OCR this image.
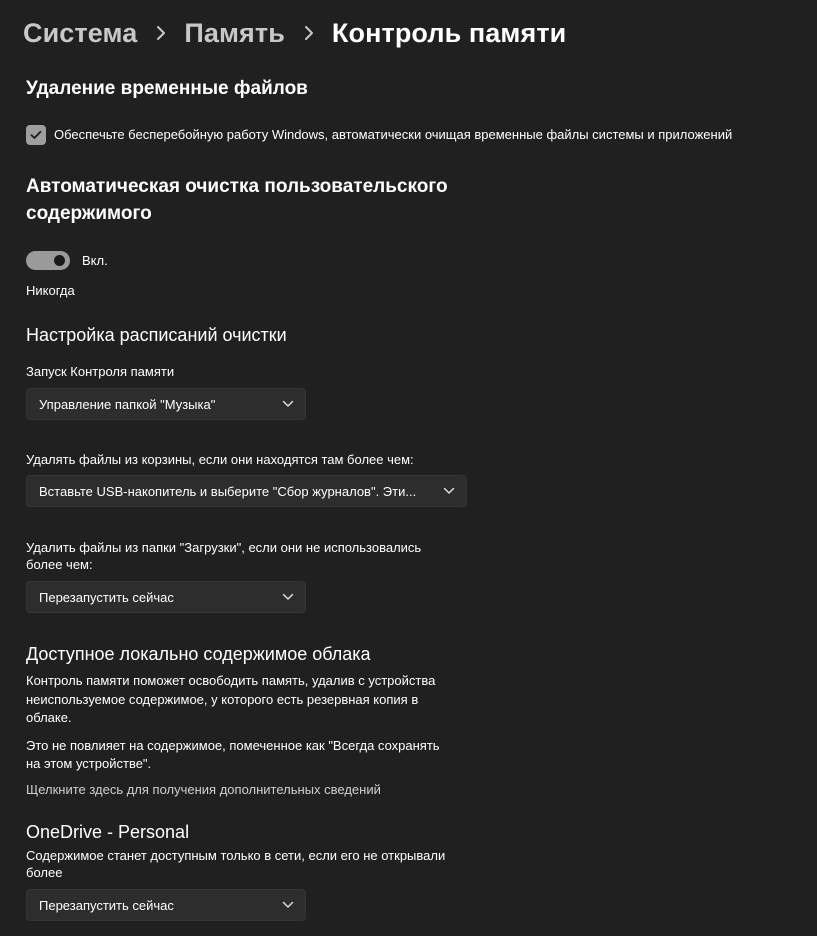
Система Память Контроль памяти
Удаление временные файлов
Обеспечьте бесперебойную работу Windows, автоматически очищая временные файлы системы и приложений
Автоматическая очистка пользовательского
содержимого
Вкл.
Никогда
Настройка расписаний очистки
Запуск Контроля памяти
Управление папкой "Музыка"
Удалять файлы из корзины, если они находятся там более чем:
Вставьте USB-накопитель и выберите "Сбор журналов". Эти...
Удалить файлы из папки "Загрузки", если они не использовались
более чем:
Перезапустить сейчас
Доступное локально содержимое облака
Контроль памяти поможет освободить память, удалив с устройства
неиспользуемое содержимое, у которого есть резервная копия в
облаке.
Это не повлияет на содержимое, помеченное как "Всегда сохранять
на этом устройстве".
Щелкните здесь для получения дополнительных сведений
OneDrive - Personal
Содержимое станет доступным только в сети, если его не открывали
более
Перезапустить сейчас
